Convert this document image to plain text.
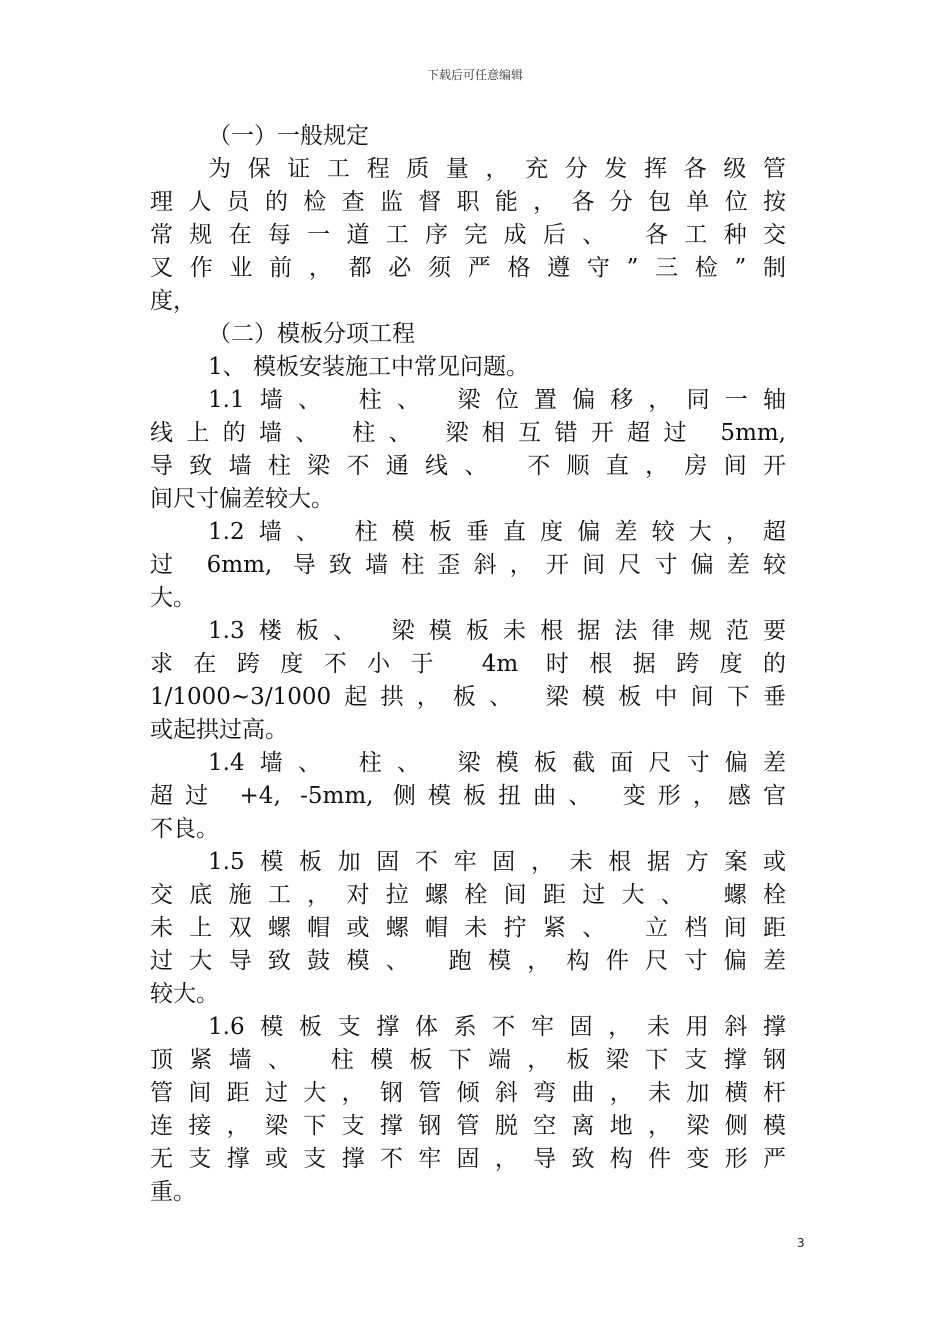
下载后可任意编辑
（一）一般规定
为保证工程质量，充分发挥各级管
理人员的检查监督职能，各分包单位按
常规在每一道工序完成后、 各工种交
叉作业前，都必须严格遵守”三检”制
度，
（二）模板分项工程
1、 模板安装施工中常见问题。
1.1墙、 柱、 梁位置偏移，同一轴
线上的墙、 柱、 梁相互错开超过 5mm,
导致墙柱梁不通线、 不顺直，房间开
间尺寸偏差较大。
1.2墙、 柱模板垂直度偏差较大，超
过 6mm, 导致墙柱歪斜，开间尺寸偏差较
大。
1.3楼板、 梁模板未根据法律规范要
求在跨度不小于 4m 时根据跨度的
1/1000~3/1000起拱，板、 梁模板中间下垂
或起拱过高。
1.4墙、 柱、 梁模板截面尺寸偏差
超过 +4, -5mm, 侧模板扭曲、 变形，感官
不良。
1.5模板加固不牢固，未根据方案或
交底施工，对拉螺栓间距过大、 螺栓
未上双螺帽或螺帽未拧紧、 立档间距
过大导致鼓模、 跑模，构件尺寸偏差
较大。
1.6模板支撑体系不牢固，未用斜撑
顶紧墙、 柱模板下端，板梁下支撑钢
管间距过大，钢管倾斜弯曲，未加横杆
连接，梁下支撑钢管脱空离地，梁侧模
无支撑或支撑不牢固，导致构件变形严
重。
3
